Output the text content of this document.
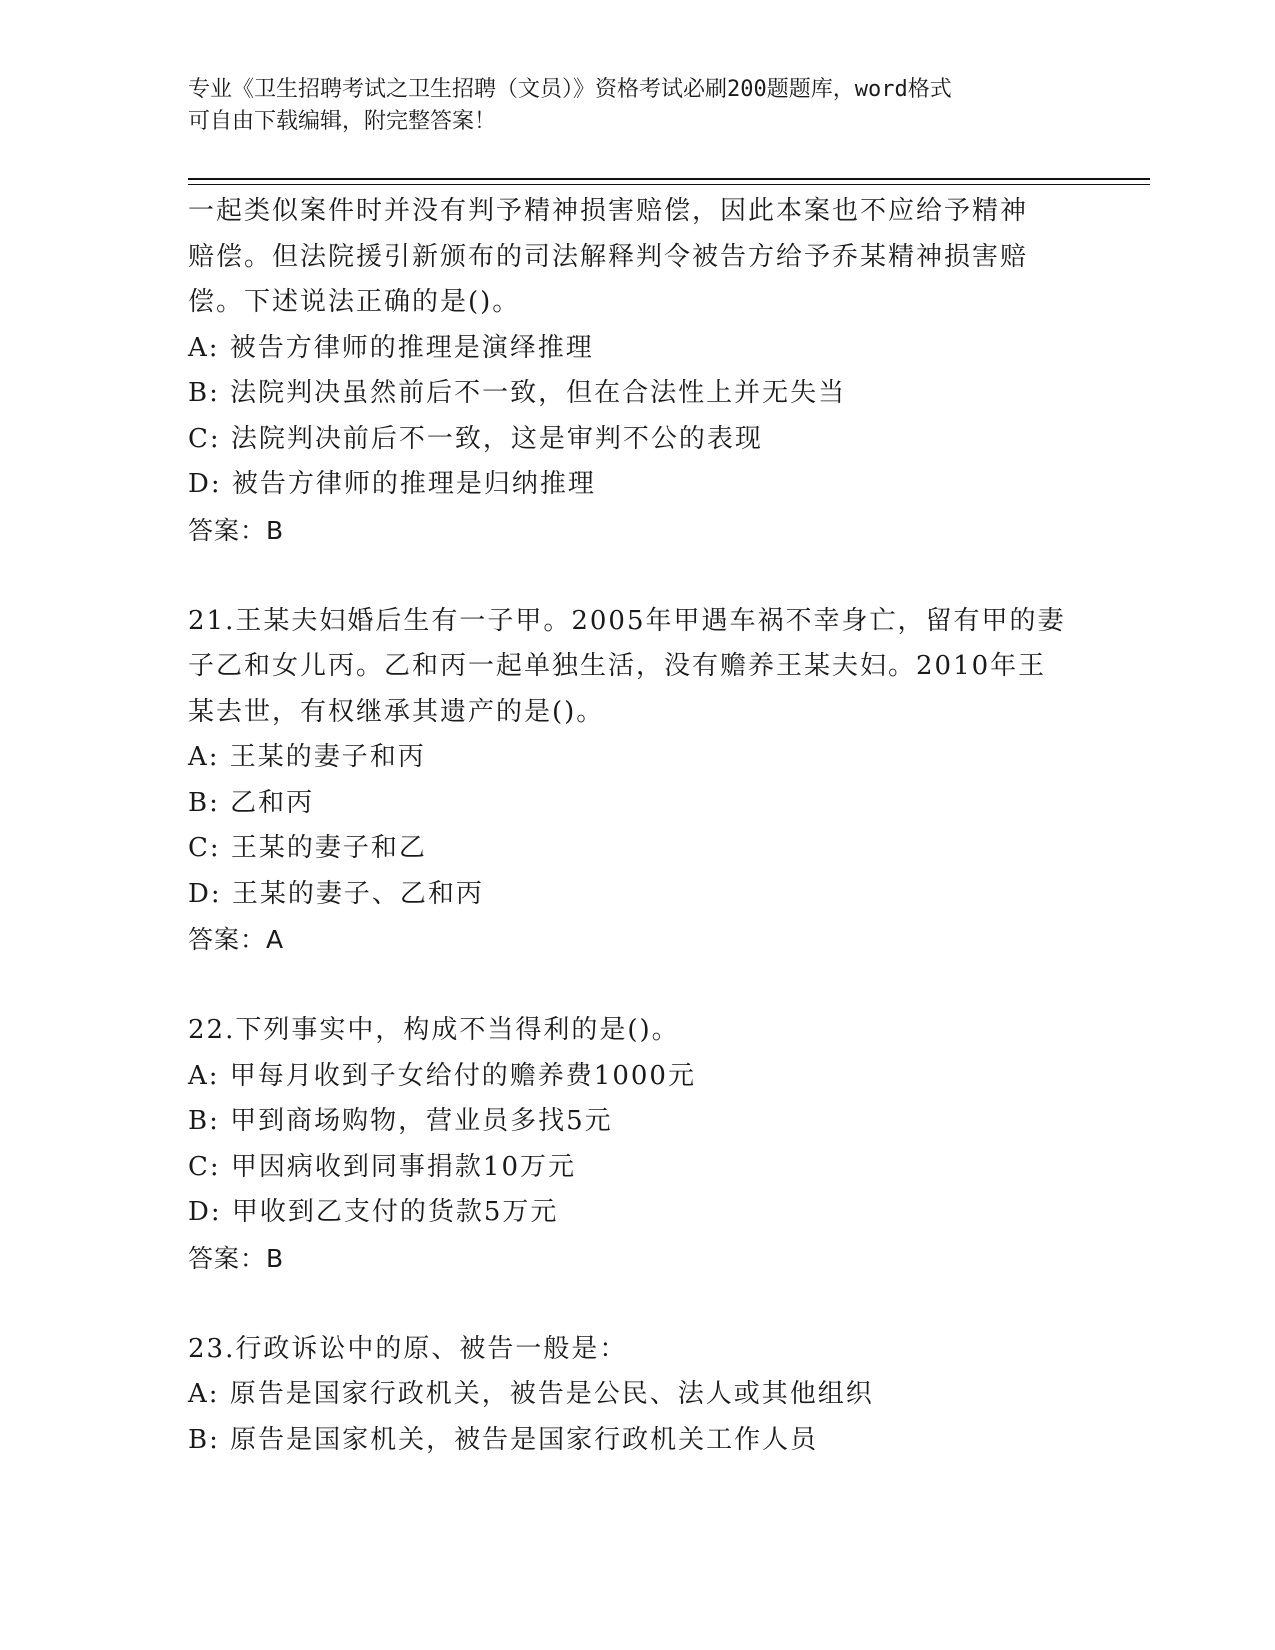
专业《卫生招聘考试之卫生招聘（文员）》资格考试必刷200题题库，word格式
可自由下载编辑，附完整答案！
一起类似案件时并没有判予精神损害赔偿，因此本案也不应给予精神
赔偿。但法院援引新颁布的司法解释判令被告方给予乔某精神损害赔
偿。下述说法正确的是()。
A: 被告方律师的推理是演绎推理
B: 法院判决虽然前后不一致，但在合法性上并无失当
C: 法院判决前后不一致，这是审判不公的表现
D: 被告方律师的推理是归纳推理
答案：B
21.王某夫妇婚后生有一子甲。2005年甲遇车祸不幸身亡，留有甲的妻
子乙和女儿丙。乙和丙一起单独生活，没有赡养王某夫妇。2010年王
某去世，有权继承其遗产的是()。
A: 王某的妻子和丙
B: 乙和丙
C: 王某的妻子和乙
D: 王某的妻子、乙和丙
答案：A
22.下列事实中，构成不当得利的是()。
A: 甲每月收到子女给付的赡养费1000元
B: 甲到商场购物，营业员多找5元
C: 甲因病收到同事捐款10万元
D: 甲收到乙支付的货款5万元
答案：B
23.行政诉讼中的原、被告一般是：
A: 原告是国家行政机关，被告是公民、法人或其他组织
B: 原告是国家机关，被告是国家行政机关工作人员
